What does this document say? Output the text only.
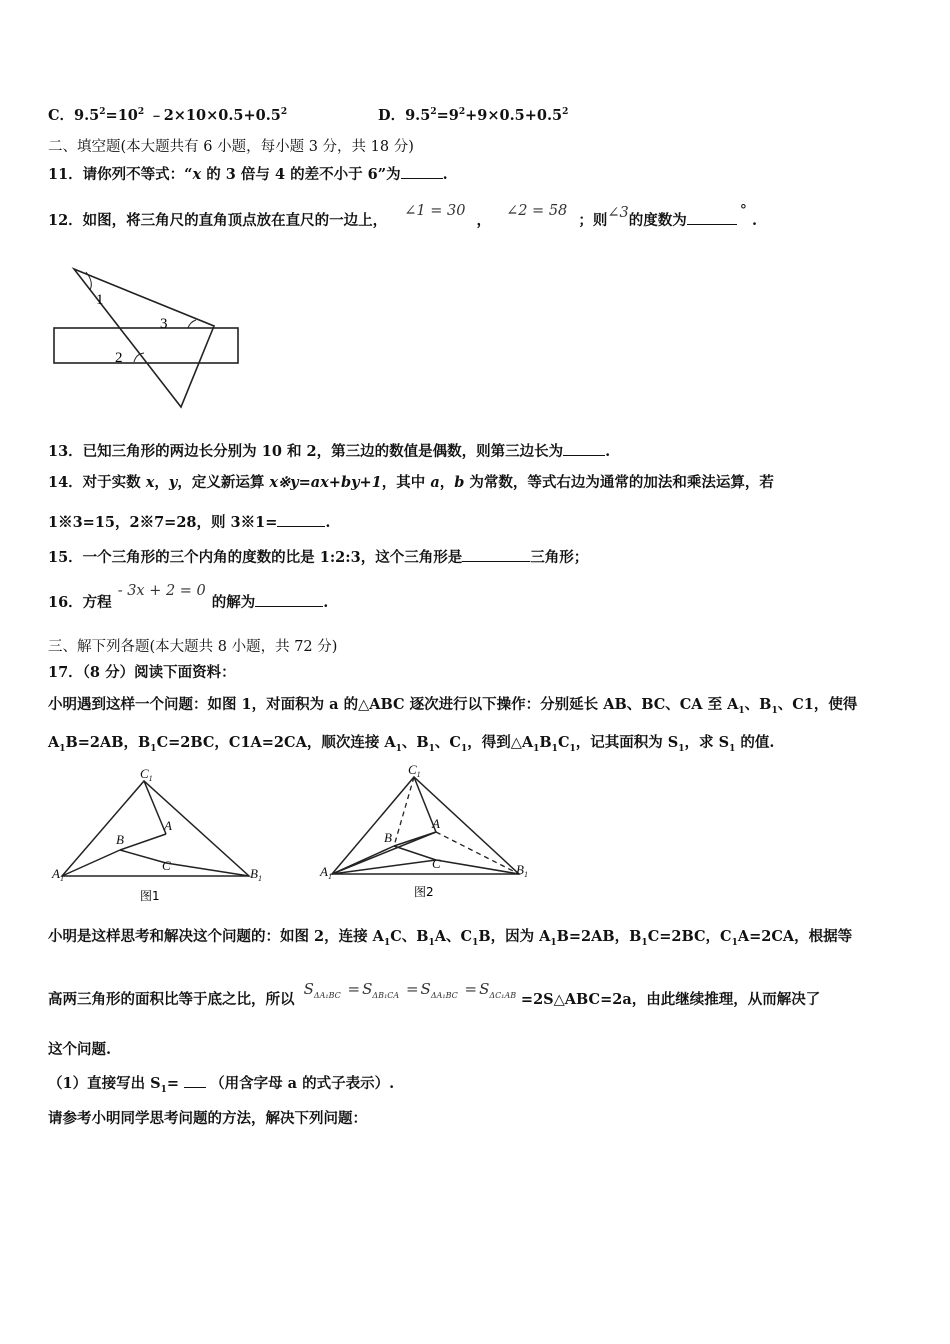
C．$9.5^2=10^2$ $﹣2\times 10\times 0.5+0.5^2$	D．$9.5^2=9^2+9\times 0.5+0.5^2$
二、填空题(本大题共有 6 小题，每小题 3 分，共 18 分)
11．请你列不等式：“x 的 3 倍与 4 的差不小于 6”为	.
12．如图，将三角尺的直角顶点放在直尺的一边上， ∠1 = 30 ， ∠2 = 58 ；则∠3的度数为° .
1
3
2
13．已知三角形的两边长分别为 10 和 2，第三边的数值是偶数，则第三边长为	.
14．对于实数 x，y，定义新运算 x※y=ax+by+1，其中 a，b 为常数，等式右边为通常的加法和乘法运算，若
1※3=15，2※7=28，则 3※1=	.
15．一个三角形的三个内角的度数的比是 1:2:3，这个三角形是	三角形；
16．方程- 3x + 2 = 0的解为	.
三、解下列各题(本大题共 8 小题，共 72 分)
17．（8 分）阅读下面资料：
小明遇到这样一个问题：如图 1，对面积为 a 的△ABC 逐次进行以下操作：分别延长 AB、BC、CA 至 $A_1$、$B_1$、C1，使得
$A_1B=2AB$，$B_1C=2BC$，C1A=2CA，顺次连接 $A_1$、$B_1$、$C_1$，得到$\triangle A_1B_1C_1$，记其面积为 $S_1$，求 $S_1$ 的值.
$C_1$
A
B
C
$A_1$	$B_1$
图1
$C_1$
A
B
C
$A_1$	$B_1$
图2
小明是这样思考和解决这个问题的：如图 2，连接 $A_1C$、$B_1A$、$C_1B$，因为 $A_1B=2AB$，$B_1C=2BC$，$C_1A=2CA$，根据等
高两三角形的面积比等于底之比，所以 $S_{\Delta A_1BC} = S_{\Delta B_1CA} = S_{\Delta A_1BC} = S_{\Delta C_1AB}$ =2S△ABC=2a，由此继续推理，从而解决了
这个问题.
（1）直接写出 $S_1=$ （用含字母 a 的式子表示）.
请参考小明同学思考问题的方法，解决下列问题：
